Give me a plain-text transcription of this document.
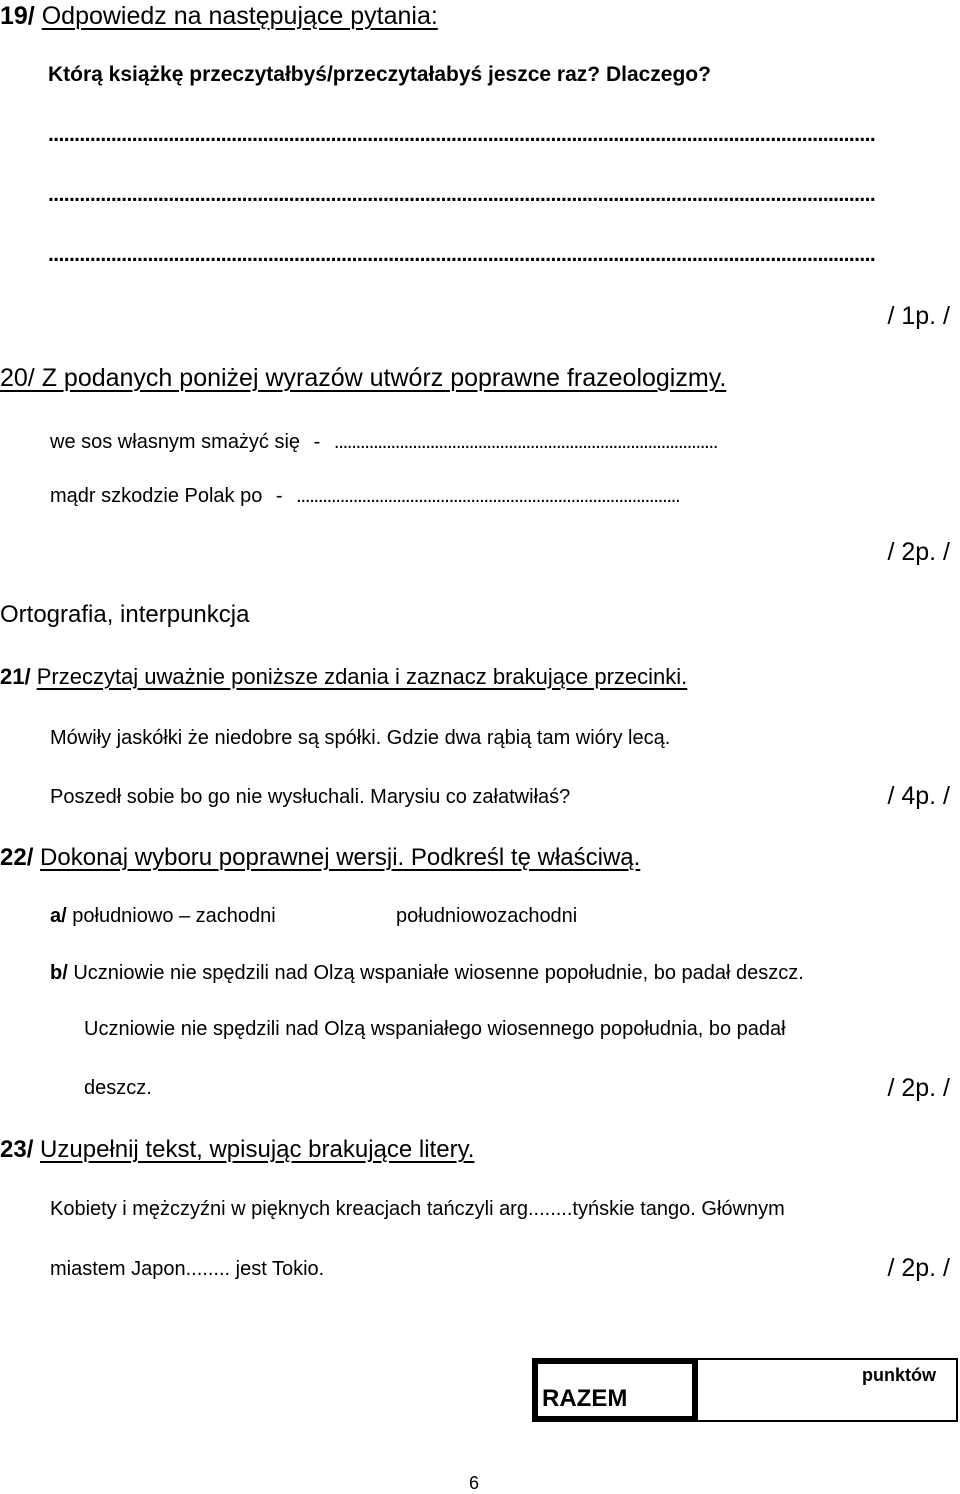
19/ Odpowiedz na następujące pytania:
Którą książkę przeczytałbyś/przeczytałabyś jeszce raz? Dlaczego?
..............................................................................................................................................................
..............................................................................................................................................................
..............................................................................................................................................................
/ 1p. /
20/ Z podanych poniżej wyrazów utwórz poprawne frazeologizmy.
we sos własnym smażyć się - ........................................................................................
mądr szkodzie Polak po - ........................................................................................
/ 2p. /
Ortografia, interpunkcja
21/ Przeczytaj uważnie poniższe zdania i zaznacz brakujące przecinki.
Mówiły jaskółki że niedobre są spółki. Gdzie dwa rąbią tam wióry lecą.
Poszedł sobie bo go nie wysłuchali. Marysiu co załatwiłaś?	/ 4p. /
22/ Dokonaj wyboru poprawnej wersji. Podkreśl tę właściwą.
a/ południowo – zachodni	południowozachodni
b/ Uczniowie nie spędzili nad Olzą wspaniałe wiosenne popołudnie, bo padał deszcz.
Uczniowie nie spędzili nad Olzą wspaniałego wiosennego popołudnia, bo padał
deszcz.	/ 2p. /
23/ Uzupełnij tekst, wpisując brakujące litery.
Kobiety i mężczyźni w pięknych kreacjach tańczyli arg........tyńskie tango. Głównym
miastem Japon........ jest Tokio.	/ 2p. /
RAZEM
punktów
6
